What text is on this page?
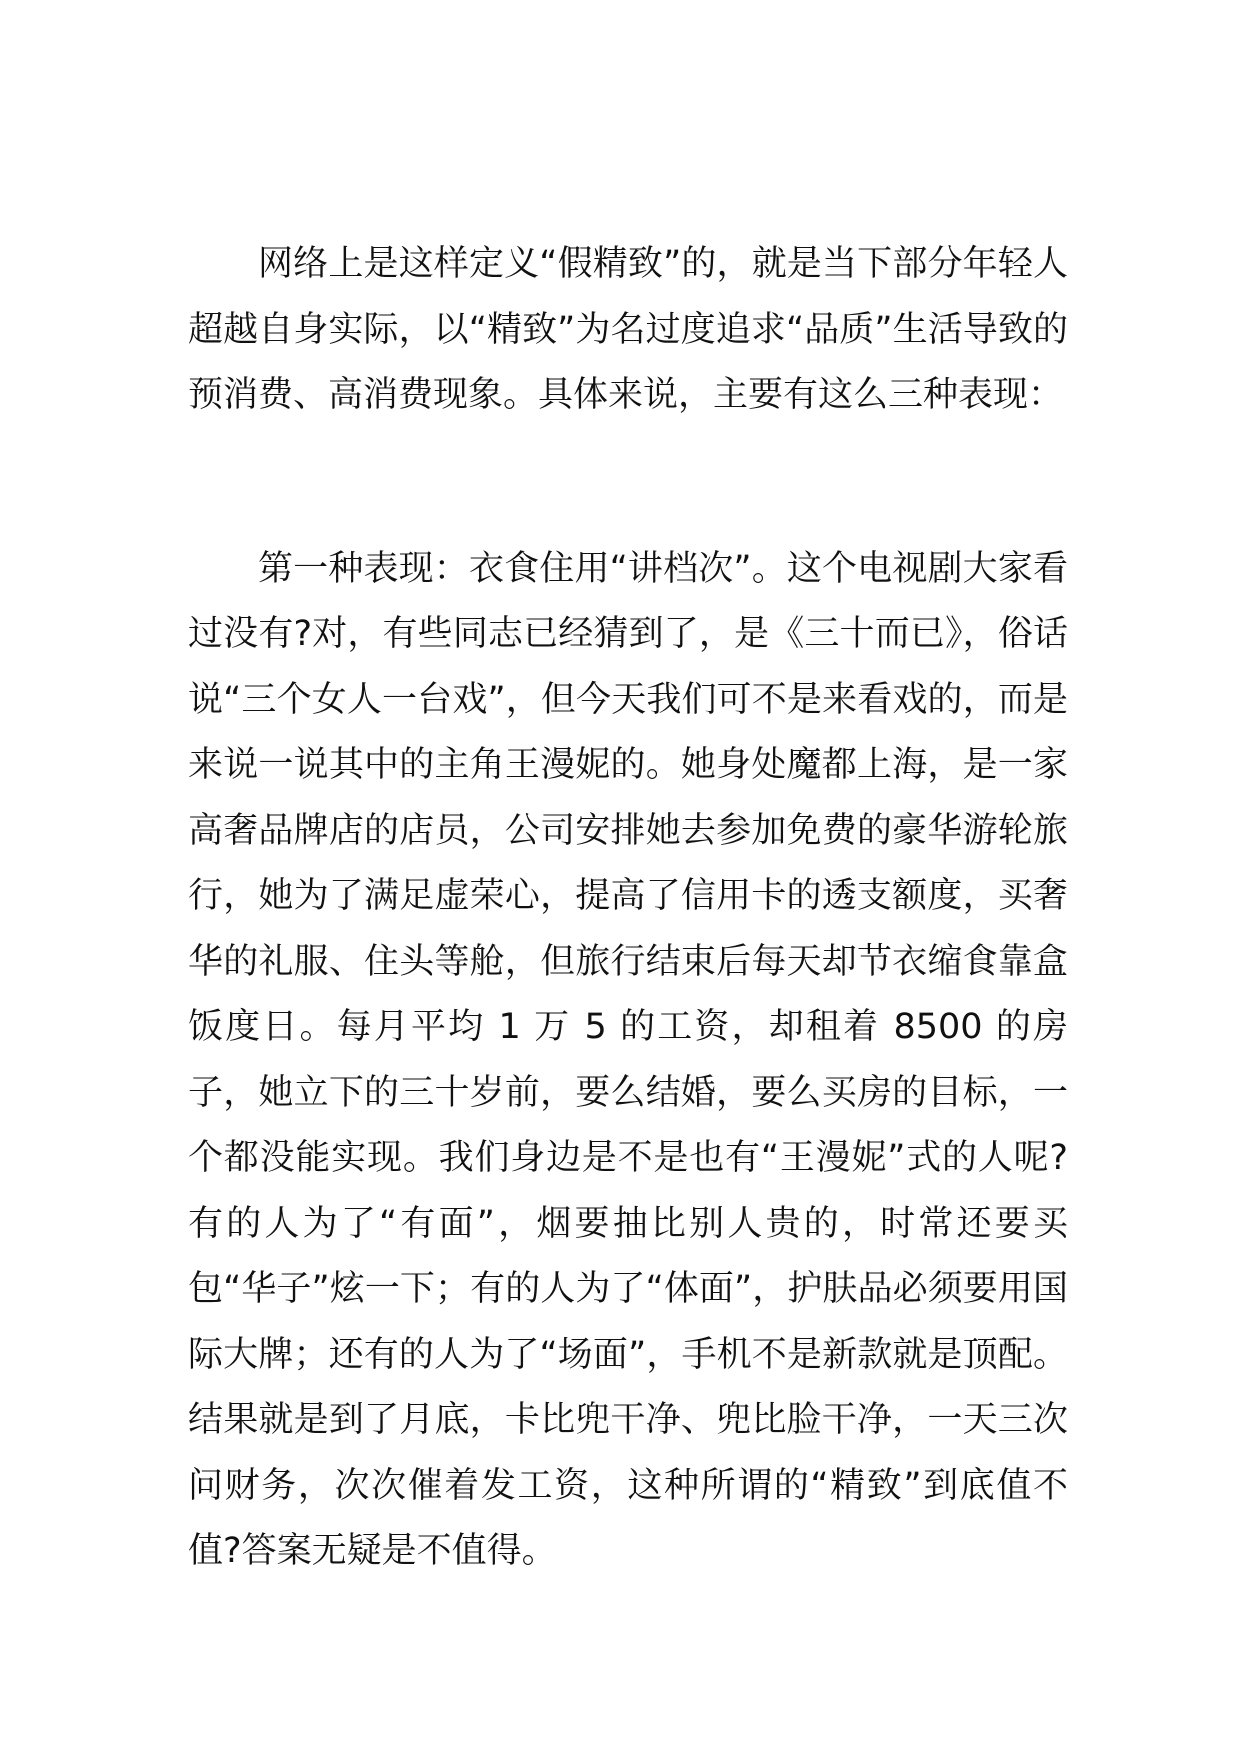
网络上是这样定义“假精致”的，就是当下部分年轻人超越自身实际，以“精致”为名过度追求“品质”生活导致的预消费、高消费现象。具体来说，主要有这么三种表现：

第一种表现：衣食住用“讲档次”。这个电视剧大家看过没有?对，有些同志已经猜到了，是《三十而已》，俗话说“三个女人一台戏”，但今天我们可不是来看戏的，而是来说一说其中的主角王漫妮的。她身处魔都上海，是一家高奢品牌店的店员，公司安排她去参加免费的豪华游轮旅行，她为了满足虚荣心，提高了信用卡的透支额度，买奢华的礼服、住头等舱，但旅行结束后每天却节衣缩食靠盒饭度日。每月平均 1 万 5 的工资，却租着 8500 的房子，她立下的三十岁前，要么结婚，要么买房的目标，一个都没能实现。我们身边是不是也有“王漫妮”式的人呢?有的人为了“有面”，烟要抽比别人贵的，时常还要买包“华子”炫一下；有的人为了“体面”，护肤品必须要用国际大牌；还有的人为了“场面”，手机不是新款就是顶配。结果就是到了月底，卡比兜干净、兜比脸干净，一天三次问财务，次次催着发工资，这种所谓的“精致”到底值不值?答案无疑是不值得。
